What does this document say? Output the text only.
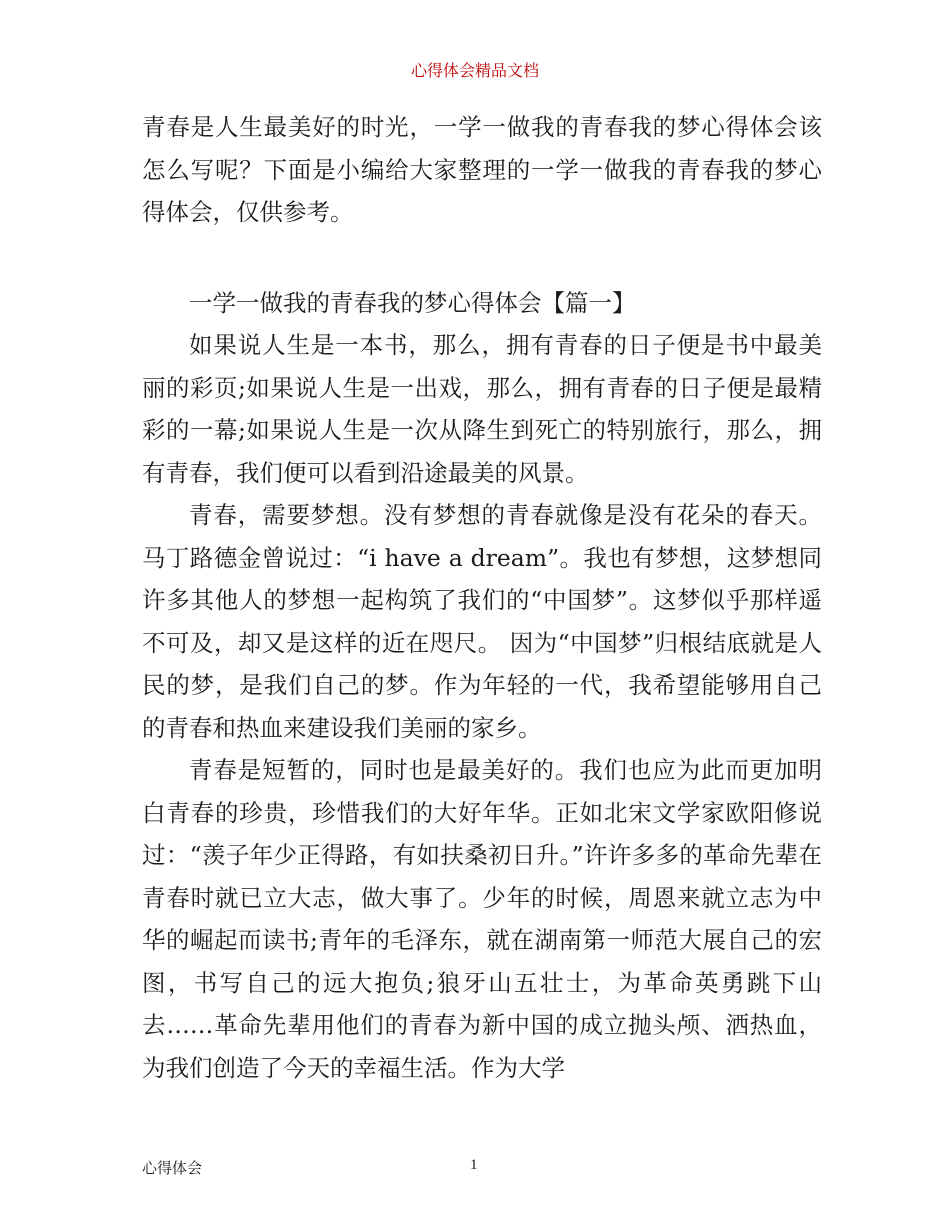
心得体会精品文档

青春是人生最美好的时光，一学一做我的青春我的梦心得体会该怎么写呢？下面是小编给大家整理的一学一做我的青春我的梦心得体会，仅供参考。

一学一做我的青春我的梦心得体会【篇一】

如果说人生是一本书，那么，拥有青春的日子便是书中最美丽的彩页;如果说人生是一出戏，那么，拥有青春的日子便是最精彩的一幕;如果说人生是一次从降生到死亡的特别旅行，那么，拥有青春，我们便可以看到沿途最美的风景。

青春，需要梦想。没有梦想的青春就像是没有花朵的春天。马丁路德金曾说过：“i have a dream”。我也有梦想，这梦想同许多其他人的梦想一起构筑了我们的“中国梦”。这梦似乎那样遥不可及，却又是这样的近在咫尺。 因为“中国梦”归根结底就是人民的梦，是我们自己的梦。作为年轻的一代，我希望能够用自己的青春和热血来建设我们美丽的家乡。

青春是短暂的，同时也是最美好的。我们也应为此而更加明白青春的珍贵，珍惜我们的大好年华。正如北宋文学家欧阳修说过：“羡子年少正得路，有如扶桑初日升。”许许多多的革命先辈在青春时就已立大志，做大事了。少年的时候，周恩来就立志为中华的崛起而读书;青年的毛泽东，就在湖南第一师范大展自己的宏图，书写自己的远大抱负;狼牙山五壮士，为革命英勇跳下山去……革命先辈用他们的青春为新中国的成立抛头颅、洒热血，为我们创造了今天的幸福生活。作为大学

心得体会	1
